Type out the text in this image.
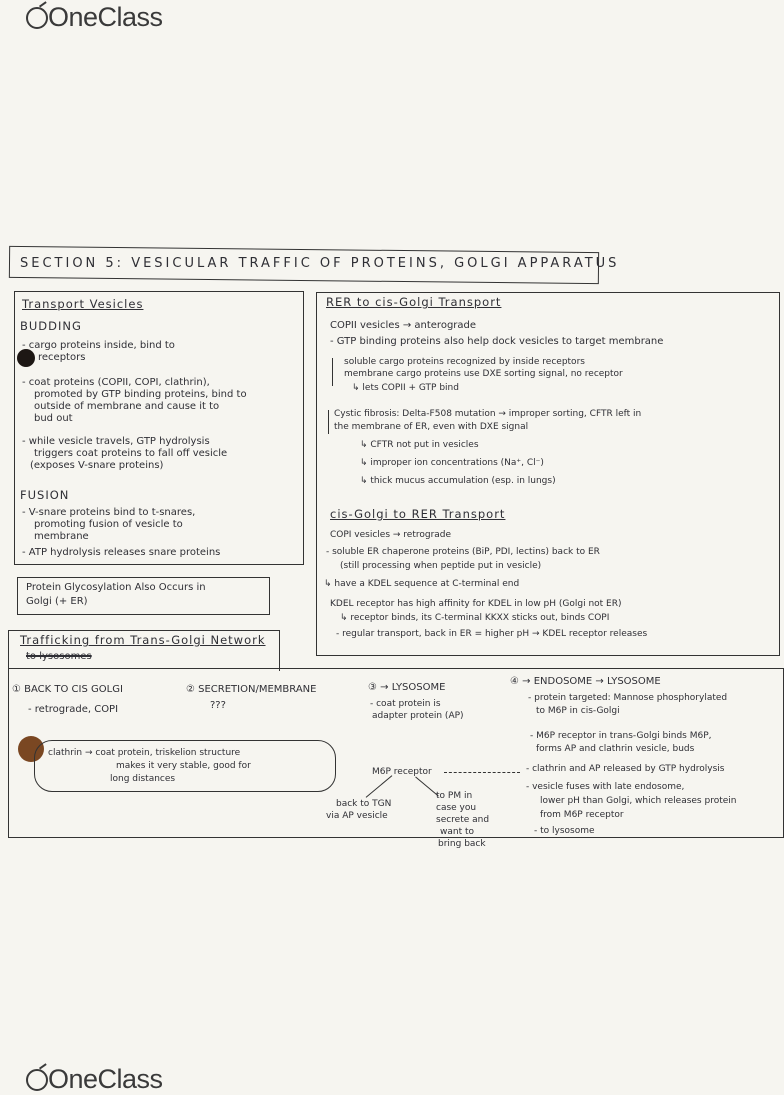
OneClass
SECTION 5: VESICULAR TRAFFIC OF PROTEINS, GOLGI APPARATUS
Transport Vesicles
BUDDING
- cargo proteins inside, bind to
receptors
- coat proteins (COPII, COPI, clathrin),
promoted by GTP binding proteins, bind to
outside of membrane and cause it to
bud out
- while vesicle travels, GTP hydrolysis
triggers coat proteins to fall off vesicle
(exposes V-snare proteins)
FUSION
- V-snare proteins bind to t-snares,
promoting fusion of vesicle to
membrane
- ATP hydrolysis releases snare proteins
Protein Glycosylation Also Occurs in
Golgi (+ ER)
RER to cis-Golgi Transport
COPII vesicles → anterograde
- GTP binding proteins also help dock vesicles to target membrane
soluble cargo proteins recognized by inside receptors
membrane cargo proteins use DXE sorting signal, no receptor
↳ lets COPII + GTP bind
Cystic fibrosis: Delta-F508 mutation → improper sorting, CFTR left in
the membrane of ER, even with DXE signal
↳ CFTR not put in vesicles
↳ improper ion concentrations (Na⁺, Cl⁻)
↳ thick mucus accumulation (esp. in lungs)
cis-Golgi to RER Transport
COPI vesicles → retrograde
- soluble ER chaperone proteins (BiP, PDI, lectins) back to ER
(still processing when peptide put in vesicle)
↳ have a KDEL sequence at C-terminal end
KDEL receptor has high affinity for KDEL in low pH (Golgi not ER)
↳ receptor binds, its C-terminal KKXX sticks out, binds COPI
- regular transport, back in ER = higher pH → KDEL receptor releases
Trafficking from Trans-Golgi Network
to lysosomes
① BACK TO CIS GOLGI
- retrograde, COPI
② SECRETION/MEMBRANE
???
③ → LYSOSOME
- coat protein is
adapter protein (AP)
④ → ENDOSOME → LYSOSOME
- protein targeted: Mannose phosphorylated
to M6P in cis-Golgi
- M6P receptor in trans-Golgi binds M6P,
forms AP and clathrin vesicle, buds
- clathrin and AP released by GTP hydrolysis
- vesicle fuses with late endosome,
lower pH than Golgi, which releases protein
from M6P receptor
- to lysosome
clathrin → coat protein, triskelion structure
makes it very stable, good for
long distances
M6P receptor
back to TGN
via AP vesicle
to PM in
case you
secrete and
want to
bring back
OneClass
